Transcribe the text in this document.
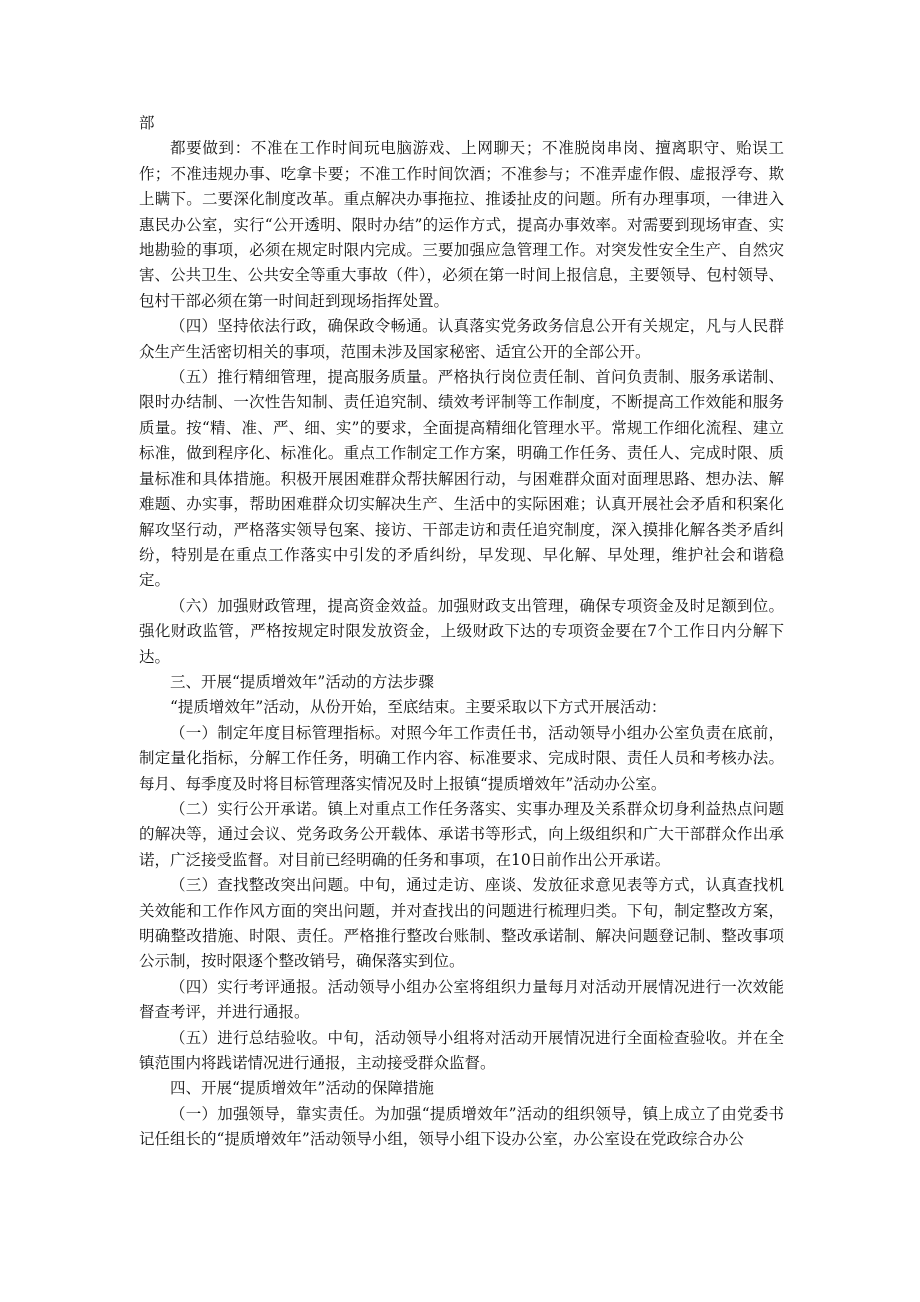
部

都要做到：不准在工作时间玩电脑游戏、上网聊天；不准脱岗串岗、擅离职守、贻误工作；不准违规办事、吃拿卡要；不准工作时间饮酒；不准参与；不准弄虚作假、虚报浮夸、欺上瞒下。二要深化制度改革。重点解决办事拖拉、推诿扯皮的问题。所有办理事项，一律进入惠民办公室，实行“公开透明、限时办结”的运作方式，提高办事效率。对需要到现场审查、实地勘验的事项，必须在规定时限内完成。三要加强应急管理工作。对突发性安全生产、自然灾害、公共卫生、公共安全等重大事故（件），必须在第一时间上报信息，主要领导、包村领导、包村干部必须在第一时间赶到现场指挥处置。

（四）坚持依法行政，确保政令畅通。认真落实党务政务信息公开有关规定，凡与人民群众生产生活密切相关的事项，范围未涉及国家秘密、适宜公开的全部公开。

（五）推行精细管理，提高服务质量。严格执行岗位责任制、首问负责制、服务承诺制、限时办结制、一次性告知制、责任追究制、绩效考评制等工作制度，不断提高工作效能和服务质量。按“精、准、严、细、实”的要求，全面提高精细化管理水平。常规工作细化流程、建立标准，做到程序化、标准化。重点工作制定工作方案，明确工作任务、责任人、完成时限、质量标准和具体措施。积极开展困难群众帮扶解困行动，与困难群众面对面理思路、想办法、解难题、办实事，帮助困难群众切实解决生产、生活中的实际困难；认真开展社会矛盾和积案化解攻坚行动，严格落实领导包案、接访、干部走访和责任追究制度，深入摸排化解各类矛盾纠纷，特别是在重点工作落实中引发的矛盾纠纷，早发现、早化解、早处理，维护社会和谐稳定。

（六）加强财政管理，提高资金效益。加强财政支出管理，确保专项资金及时足额到位。强化财政监管，严格按规定时限发放资金，上级财政下达的专项资金要在7个工作日内分解下达。

三、开展“提质增效年”活动的方法步骤

“提质增效年”活动，从份开始，至底结束。主要采取以下方式开展活动：

（一）制定年度目标管理指标。对照今年工作责任书，活动领导小组办公室负责在底前，制定量化指标，分解工作任务，明确工作内容、标准要求、完成时限、责任人员和考核办法。每月、每季度及时将目标管理落实情况及时上报镇“提质增效年”活动办公室。

（二）实行公开承诺。镇上对重点工作任务落实、实事办理及关系群众切身利益热点问题的解决等，通过会议、党务政务公开载体、承诺书等形式，向上级组织和广大干部群众作出承诺，广泛接受监督。对目前已经明确的任务和事项，在10日前作出公开承诺。

（三）查找整改突出问题。中旬，通过走访、座谈、发放征求意见表等方式，认真查找机关效能和工作作风方面的突出问题，并对查找出的问题进行梳理归类。下旬，制定整改方案，明确整改措施、时限、责任。严格推行整改台账制、整改承诺制、解决问题登记制、整改事项公示制，按时限逐个整改销号，确保落实到位。

（四）实行考评通报。活动领导小组办公室将组织力量每月对活动开展情况进行一次效能督查考评，并进行通报。

（五）进行总结验收。中旬，活动领导小组将对活动开展情况进行全面检查验收。并在全镇范围内将践诺情况进行通报，主动接受群众监督。

四、开展“提质增效年”活动的保障措施

（一）加强领导，靠实责任。为加强“提质增效年”活动的组织领导，镇上成立了由党委书记任组长的“提质增效年”活动领导小组，领导小组下设办公室，办公室设在党政综合办公
